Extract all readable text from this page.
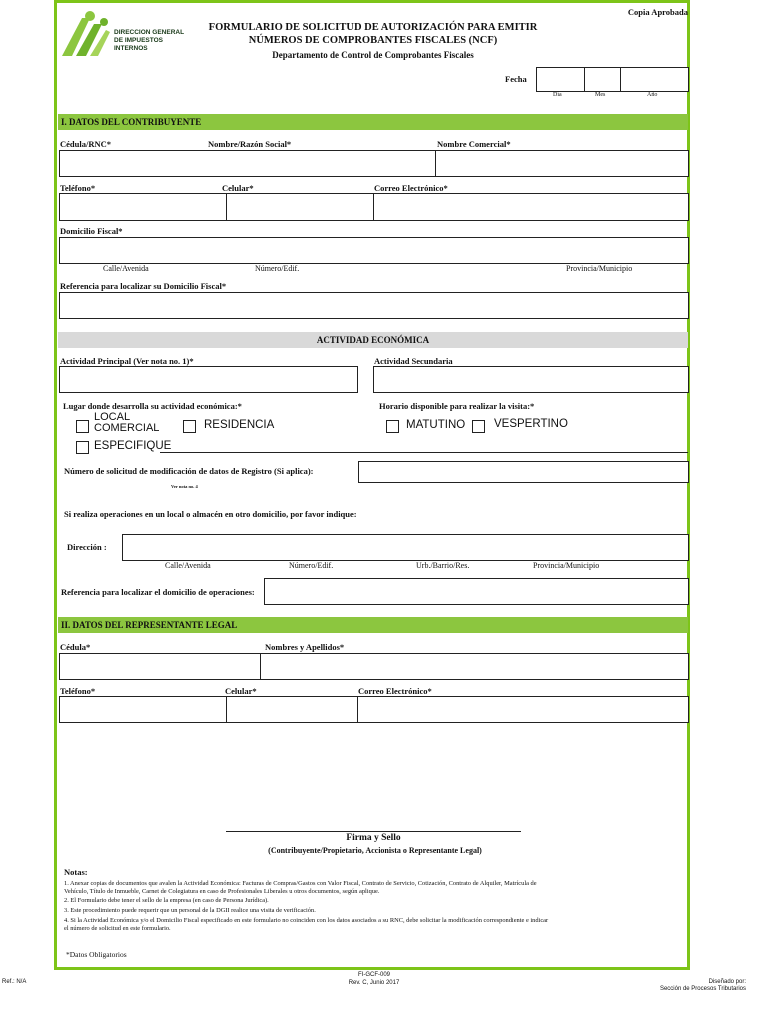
DIRECCION GENERAL
DE IMPUESTOS
INTERNOS
FORMULARIO DE SOLICITUD DE AUTORIZACIÓN PARA EMITIR
NÚMEROS DE COMPROBANTES FISCALES (NCF)
Departamento de Control de Comprobantes Fiscales
Copia Aprobada
Fecha
Día	Mes	Año
I. DATOS DEL CONTRIBUYENTE
Cédula/RNC*	Nombre/Razón Social*	Nombre Comercial*
Teléfono*	Celular*	Correo Electrónico*
Domicilio Fiscal*
Calle/Avenida	Número/Edif.	Provincia/Municipio
Referencia para localizar su Domicilio Fiscal*
ACTIVIDAD ECONÓMICA
Actividad Principal (Ver nota no. 1)*	Actividad Secundaria
Lugar donde desarrolla su actividad económica:*	Horario disponible para realizar la visita:*
LOCAL COMERCIAL	RESIDENCIA
ESPECIFIQUE
MATUTINO	VESPERTINO
Número de solicitud de modificación de datos de Registro (Si aplica):
Ver nota no. 4
Si realiza operaciones en un local o almacén en otro domicilio, por favor indique:
Dirección :
Calle/Avenida	Número/Edif.	Urb./Barrio/Res.	Provincia/Municipio
Referencia para localizar el domicilio de operaciones:
II. DATOS DEL REPRESENTANTE LEGAL
Cédula*	Nombres y Apellidos*
Teléfono*	Celular*	Correo Electrónico*
Firma y Sello
(Contribuyente/Propietario, Accionista o Representante Legal)
Notas:
1. Anexar copias de documentos que avalen la Actividad Económica: Facturas de Compras/Gastos con Valor Fiscal, Contrato de Servicio, Cotización, Contrato de Alquiler, Matrícula de
Vehículo, Título de Inmueble, Carnet de Colegiatura en caso de Profesionales Liberales u otros documentos, según aplique.
2. El Formulario debe tener el sello de la empresa (en caso de Persona Jurídica).
3. Este procedimiento puede requerir que un personal de la DGII realice una visita de verificación.
4. Si la Actividad Económica y/o el Domicilio Fiscal especificado en este formulario no coinciden con los datos asociados a su RNC, debe solicitar la modificación correspondiente e indicar
el número de solicitud en este formulario.
*Datos Obligatorios
Ref.: N/A
FI-GCF-009
Rev. C, Junio 2017	Diseñado por:
Sección de Procesos Tributarios
